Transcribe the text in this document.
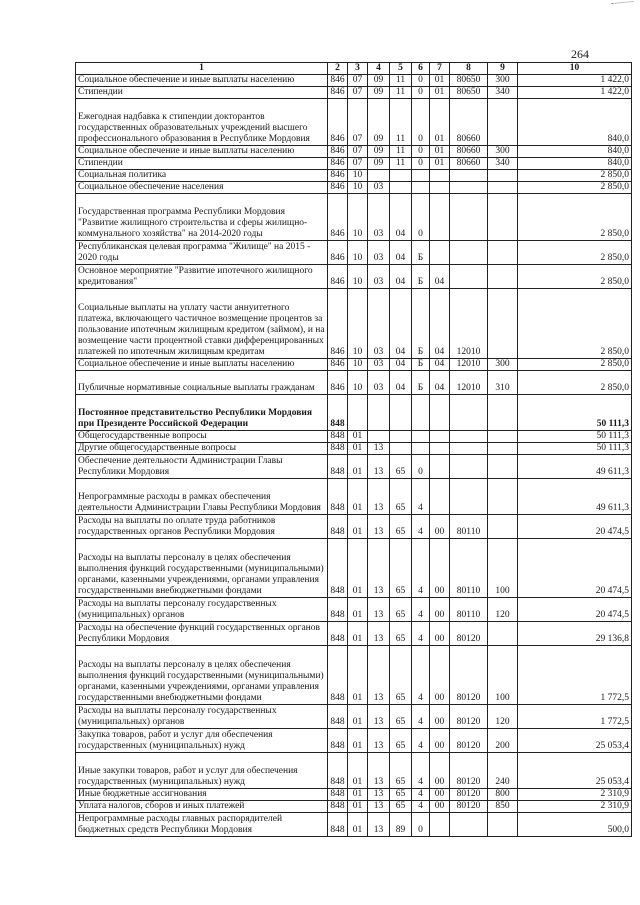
264
1	2	3	4	5	6	7	8	9	10
Социальное обеспечение и иные выплаты населению	846	07	09	11	0	01	80650	300	1 422,0
Стипендии	846	07	09	11	0	01	80650	340	1 422,0
Ежегодная надбавка к стипендии докторантов государственных образовательных учреждений высшего профессионального образования в Республике Мордовия	846	07	09	11	0	01	80660		840,0
Социальное обеспечение и иные выплаты населению	846	07	09	11	0	01	80660	300	840,0
Стипендии	846	07	09	11	0	01	80660	340	840,0
Социальная политика	846	10							2 850,0
Социальное обеспечение населения	846	10	03						2 850,0
Государственная программа Республики Мордовия "Развитие жилищного строительства и сферы жилищно-коммунального хозяйства" на 2014-2020 годы	846	10	03	04	0				2 850,0
Республиканская целевая программа "Жилище" на 2015 - 2020 годы	846	10	03	04	Б				2 850,0
Основное мероприятие "Развитие ипотечного жилищного кредитования"	846	10	03	04	Б	04			2 850,0
Социальные выплаты на уплату части аннуитетного платежа, включающего частичное возмещение процентов за пользование ипотечным жилищным кредитом (займом), и на возмещение части процентной ставки дифференцированных платежей по ипотечным жилищным кредитам	846	10	03	04	Б	04	12010		2 850,0
Социальное обеспечение и иные выплаты населению	846	10	03	04	Б	04	12010	300	2 850,0
Публичные нормативные социальные выплаты гражданам	846	10	03	04	Б	04	12010	310	2 850,0
Постоянное представительство Республики Мордовия при Президенте Российской Федерации	848								50 111,3
Общегосударственные вопросы	848	01							50 111,3
Другие общегосударственные вопросы	848	01	13						50 111,3
Обеспечение деятельности Администрации Главы Республики Мордовия	848	01	13	65	0				49 611,3
Непрограммные расходы в рамках обеспечения деятельности Администрации Главы Республики Мордовия	848	01	13	65	4				49 611,3
Расходы на выплаты по оплате труда работников государственных органов Республики Мордовия	848	01	13	65	4	00	80110		20 474,5
Расходы на выплаты персоналу в целях обеспечения выполнения функций государственными (муниципальными) органами, казенными учреждениями, органами управления государственными внебюджетными фондами	848	01	13	65	4	00	80110	100	20 474,5
Расходы на выплаты персоналу государственных (муниципальных) органов	848	01	13	65	4	00	80110	120	20 474,5
Расходы на обеспечение функций государственных органов Республики Мордовия	848	01	13	65	4	00	80120		29 136,8
Расходы на выплаты персоналу в целях обеспечения выполнения функций государственными (муниципальными) органами, казенными учреждениями, органами управления государственными внебюджетными фондами	848	01	13	65	4	00	80120	100	1 772,5
Расходы на выплаты персоналу государственных (муниципальных) органов	848	01	13	65	4	00	80120	120	1 772,5
Закупка товаров, работ и услуг для обеспечения государственных (муниципальных) нужд	848	01	13	65	4	00	80120	200	25 053,4
Иные закупки товаров, работ и услуг для обеспечения государственных (муниципальных) нужд	848	01	13	65	4	00	80120	240	25 053,4
Иные бюджетные ассигнования	848	01	13	65	4	00	80120	800	2 310,9
Уплата налогов, сборов и иных платежей	848	01	13	65	4	00	80120	850	2 310,9
Непрограммные расходы главных распорядителей бюджетных средств Республики Мордовия	848	01	13	89	0				500,0
